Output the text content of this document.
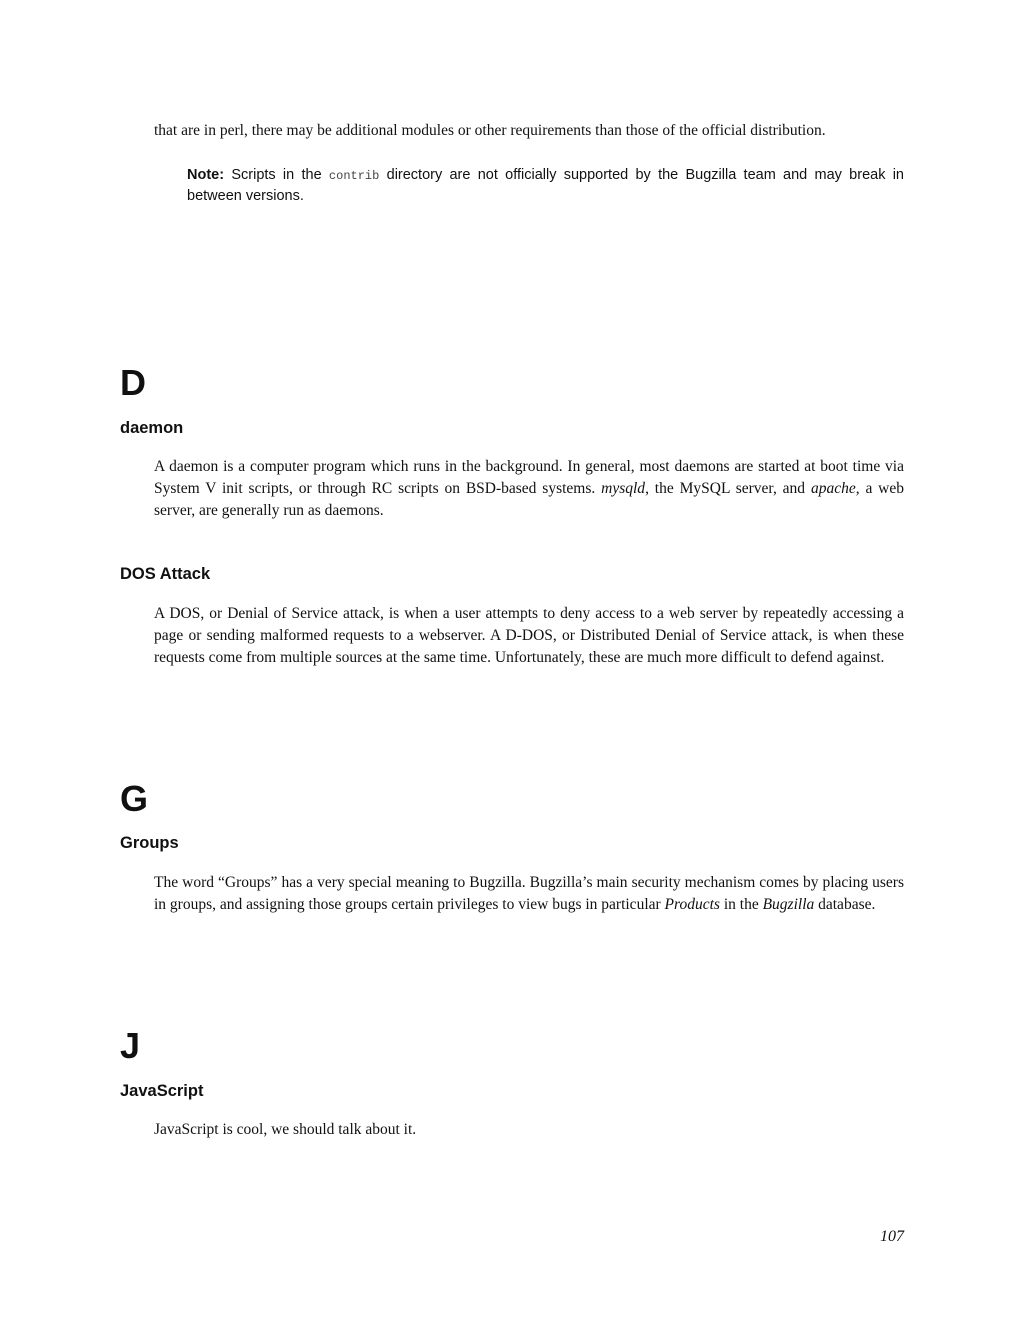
that are in perl, there may be additional modules or other requirements than those of the official distribution.
Note: Scripts in the contrib directory are not officially supported by the Bugzilla team and may break in between versions.
D
daemon
A daemon is a computer program which runs in the background. In general, most daemons are started at boot time via System V init scripts, or through RC scripts on BSD-based systems. mysqld, the MySQL server, and apache, a web server, are generally run as daemons.
DOS Attack
A DOS, or Denial of Service attack, is when a user attempts to deny access to a web server by repeatedly accessing a page or sending malformed requests to a webserver. A D-DOS, or Distributed Denial of Service attack, is when these requests come from multiple sources at the same time. Unfortunately, these are much more difficult to defend against.
G
Groups
The word “Groups” has a very special meaning to Bugzilla. Bugzilla’s main security mechanism comes by placing users in groups, and assigning those groups certain privileges to view bugs in particular Products in the Bugzilla database.
J
JavaScript
JavaScript is cool, we should talk about it.
107
